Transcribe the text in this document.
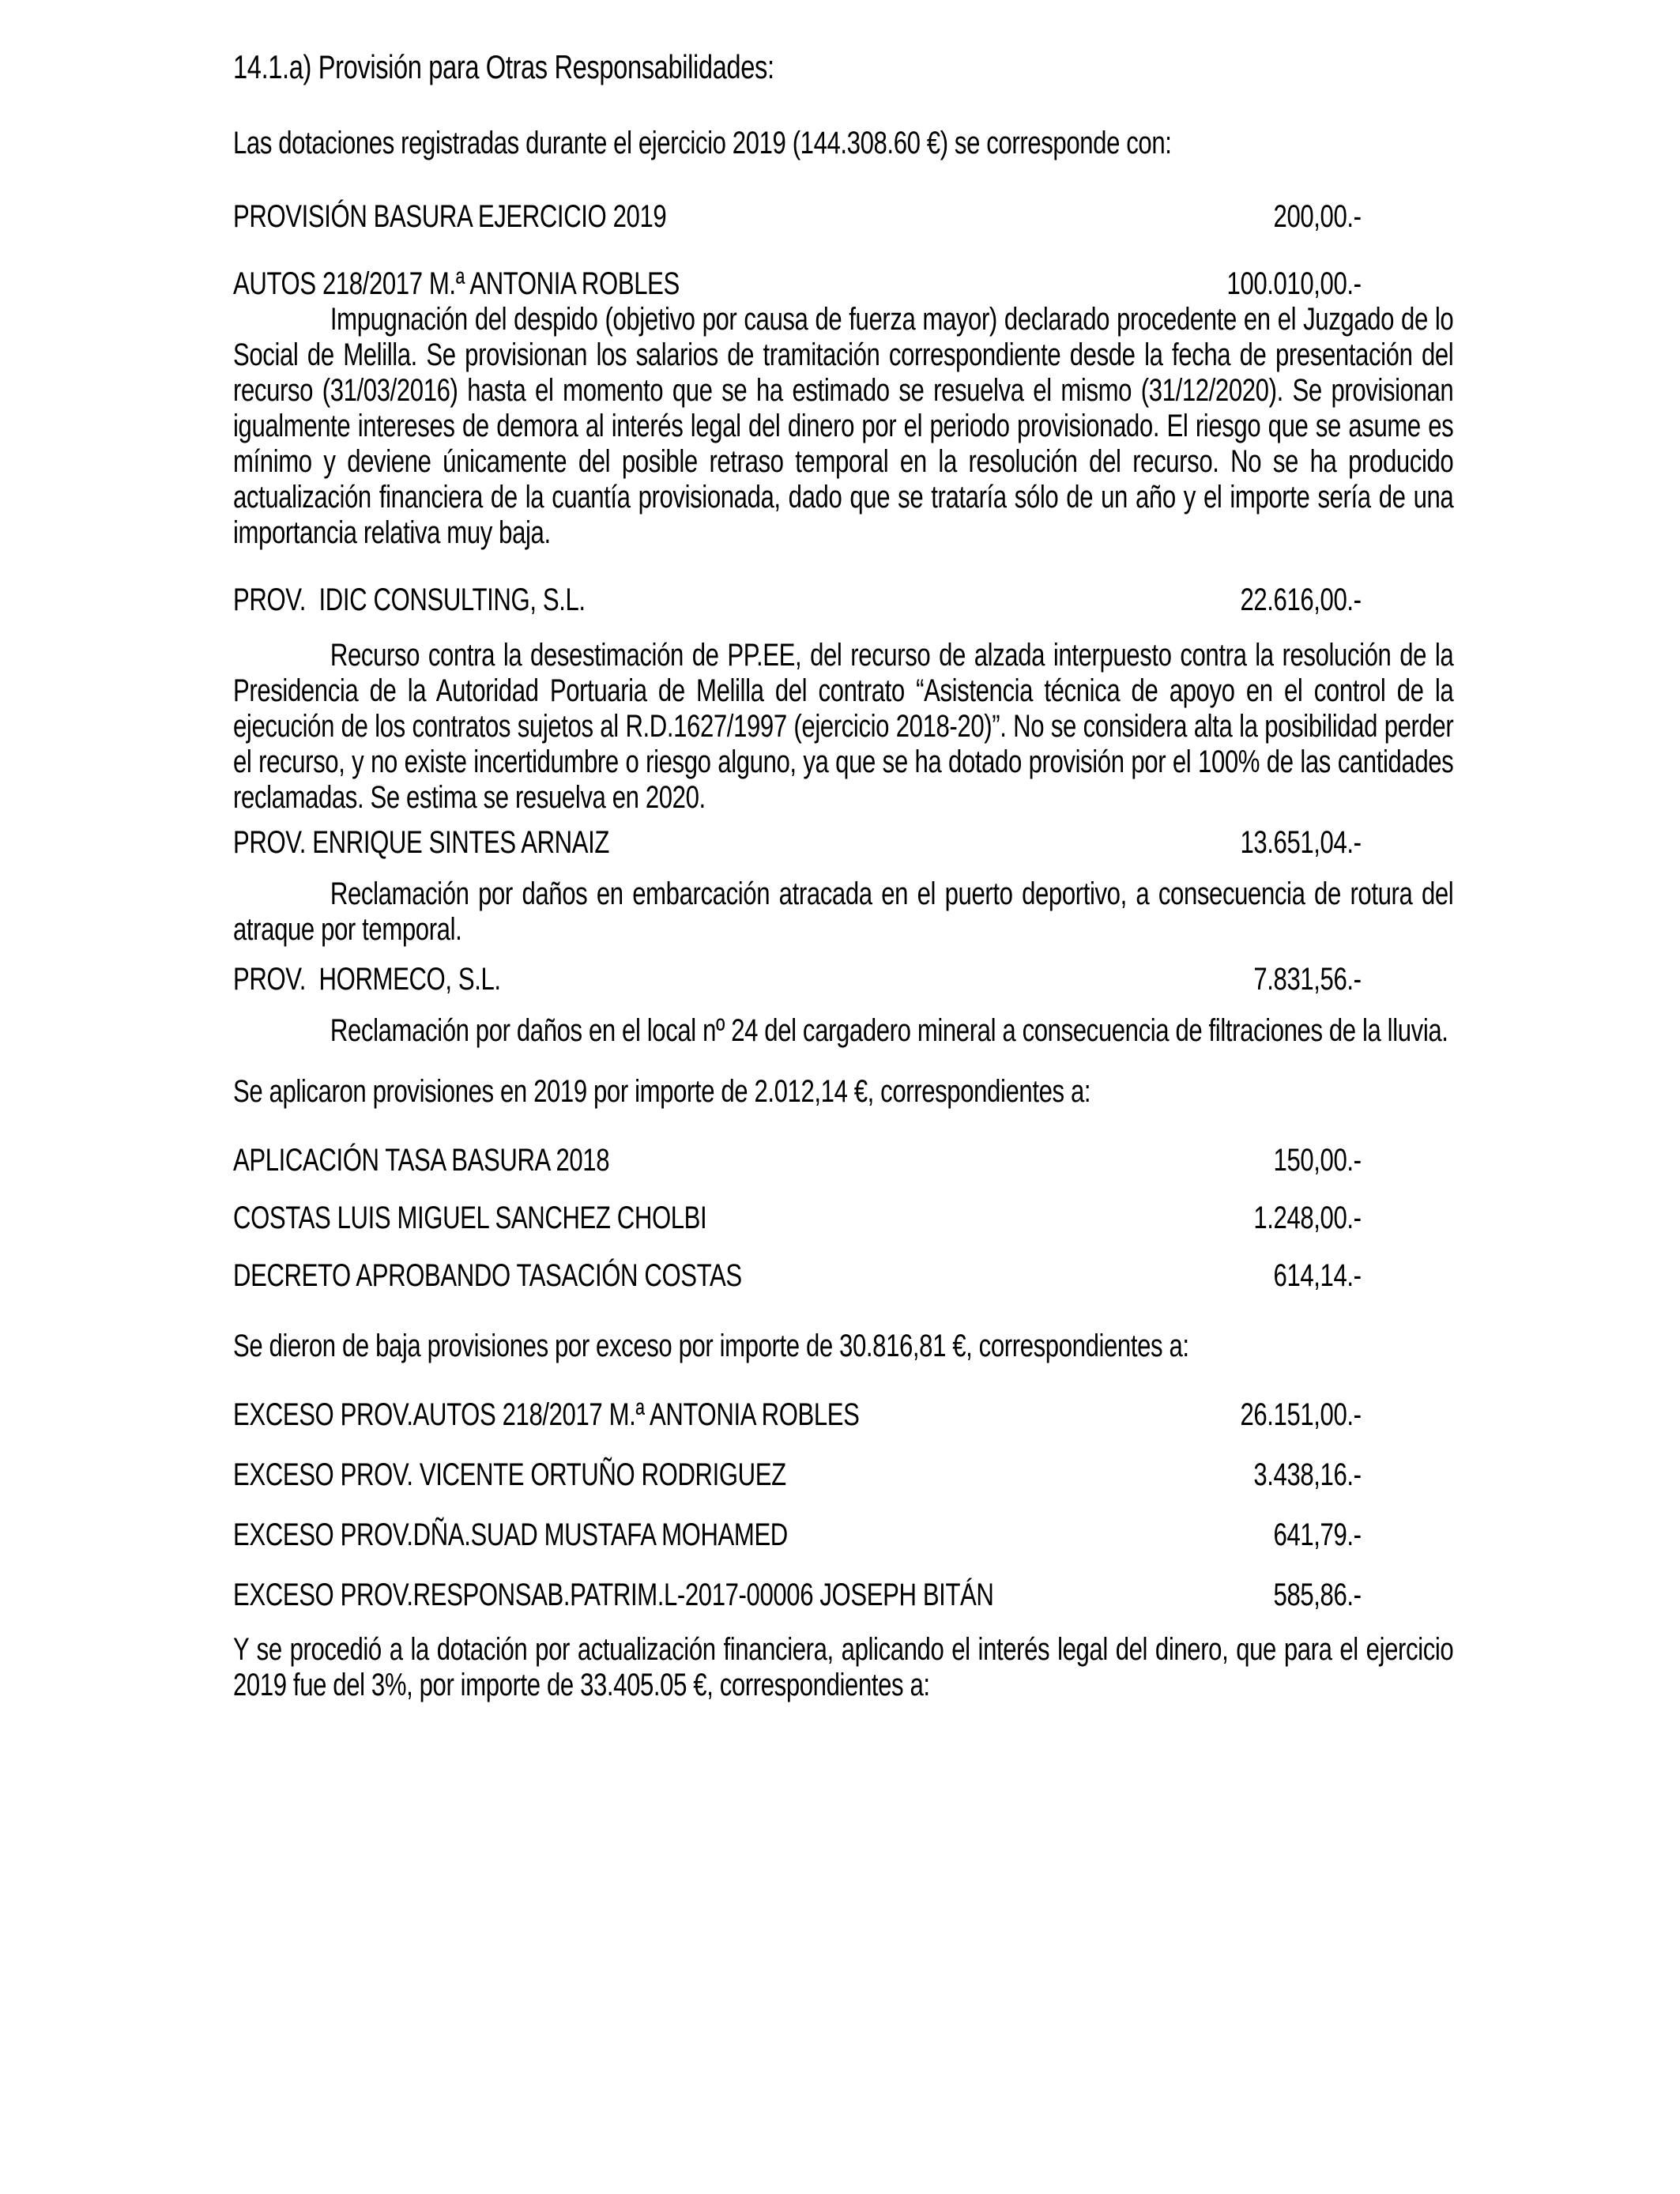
14.1.a) Provisión para Otras Responsabilidades:

Las dotaciones registradas durante el ejercicio 2019 (144.308.60 €) se corresponde con:

PROVISIÓN BASURA EJERCICIO 2019	200,00.-
AUTOS 218/2017 M.ª ANTONIA ROBLES	100.010,00.-

Impugnación del despido (objetivo por causa de fuerza mayor) declarado procedente en el Juzgado de lo Social de Melilla. Se provisionan los salarios de tramitación correspondiente desde la fecha de presentación del recurso (31/03/2016) hasta el momento que se ha estimado se resuelva el mismo (31/12/2020). Se provisionan igualmente intereses de demora al interés legal del dinero por el periodo provisionado. El riesgo que se asume es mínimo y deviene únicamente del posible retraso temporal en la resolución del recurso. No se ha producido actualización financiera de la cuantía provisionada, dado que se trataría sólo de un año y el importe sería de una importancia relativa muy baja.

PROV.  IDIC CONSULTING, S.L.	22.616,00.-

Recurso contra la desestimación de PP.EE, del recurso de alzada interpuesto contra la resolución de la Presidencia de la Autoridad Portuaria de Melilla del contrato “Asistencia técnica de apoyo en el control de la ejecución de los contratos sujetos al R.D.1627/1997 (ejercicio 2018-20)”. No se considera alta la posibilidad perder el recurso, y no existe incertidumbre o riesgo alguno, ya que se ha dotado provisión por el 100% de las cantidades reclamadas. Se estima se resuelva en 2020.

PROV. ENRIQUE SINTES ARNAIZ	13.651,04.-

Reclamación por daños en embarcación atracada en el puerto deportivo, a consecuencia de rotura del atraque por temporal.

PROV.  HORMECO, S.L.	7.831,56.-

Reclamación por daños en el local nº 24 del cargadero mineral a consecuencia de filtraciones de la lluvia.

Se aplicaron provisiones en 2019 por importe de 2.012,14 €, correspondientes a:

APLICACIÓN TASA BASURA 2018	150,00.-
COSTAS LUIS MIGUEL SANCHEZ CHOLBI	1.248,00.-
DECRETO APROBANDO TASACIÓN COSTAS	614,14.-

Se dieron de baja provisiones por exceso por importe de 30.816,81 €, correspondientes a:

EXCESO PROV.AUTOS 218/2017 M.ª ANTONIA ROBLES	26.151,00.-
EXCESO PROV. VICENTE ORTUÑO RODRIGUEZ	3.438,16.-
EXCESO PROV.DÑA.SUAD MUSTAFA MOHAMED	641,79.-
EXCESO PROV.RESPONSAB.PATRIM.L-2017-00006 JOSEPH BITÁN	585,86.-

Y se procedió a la dotación por actualización financiera, aplicando el interés legal del dinero, que para el ejercicio 2019 fue del 3%, por importe de 33.405.05 €, correspondientes a:
